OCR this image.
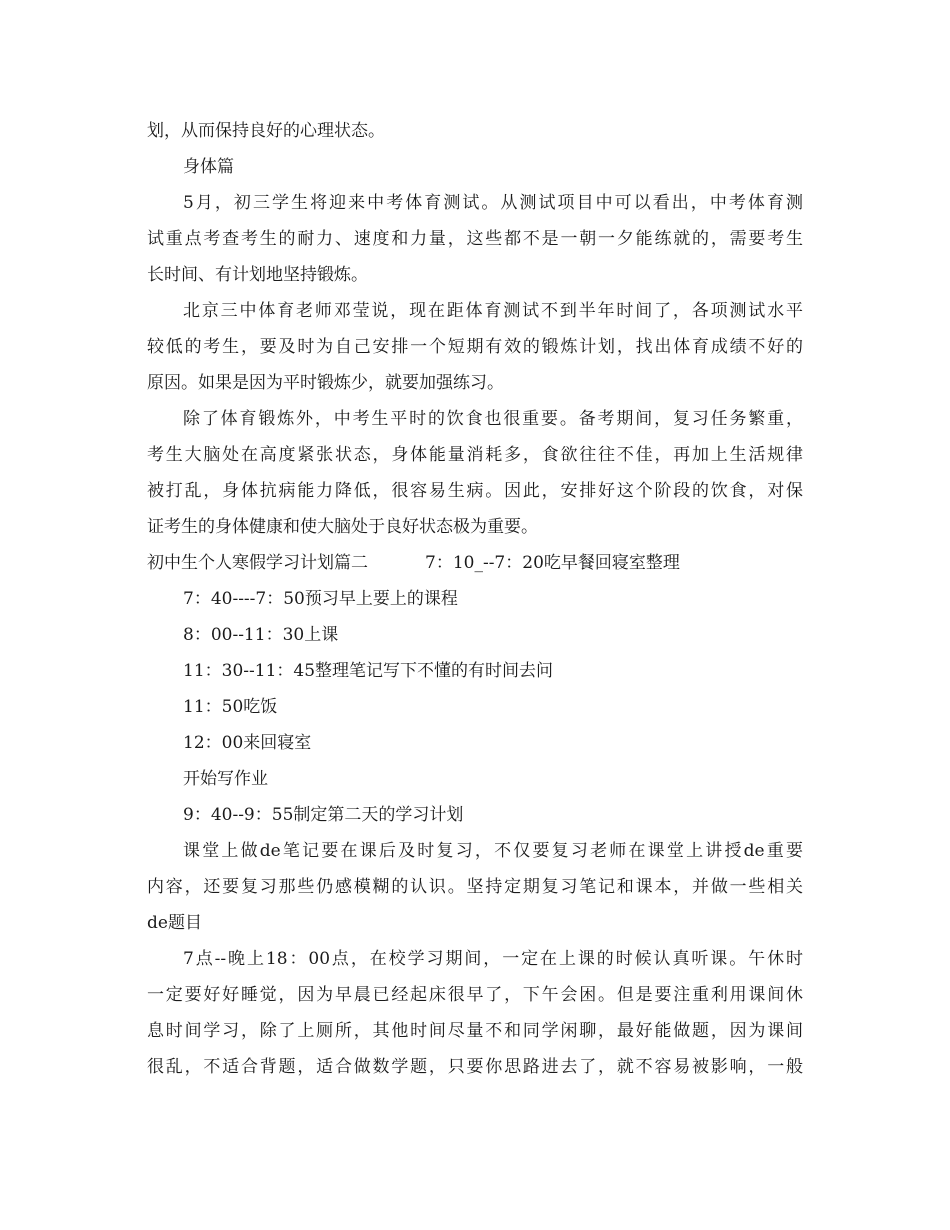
划，从而保持良好的心理状态。
身体篇
5月，初三学生将迎来中考体育测试。从测试项目中可以看出，中考体育测
试重点考查考生的耐力、速度和力量，这些都不是一朝一夕能练就的，需要考生
长时间、有计划地坚持锻炼。
北京三中体育老师邓莹说，现在距体育测试不到半年时间了，各项测试水平
较低的考生，要及时为自己安排一个短期有效的锻炼计划，找出体育成绩不好的
原因。如果是因为平时锻炼少，就要加强练习。
除了体育锻炼外，中考生平时的饮食也很重要。备考期间，复习任务繁重，
考生大脑处在高度紧张状态，身体能量消耗多，食欲往往不佳，再加上生活规律
被打乱，身体抗病能力降低，很容易生病。因此，安排好这个阶段的饮食，对保
证考生的身体健康和使大脑处于良好状态极为重要。
初中生个人寒假学习计划篇二	7：10_--7：20吃早餐回寝室整理
7：40----7：50预习早上要上的课程
8：00--11：30上课
11：30--11：45整理笔记写下不懂的有时间去问
11：50吃饭
12：00来回寝室
开始写作业
9：40--9：55制定第二天的学习计划
课堂上做de笔记要在课后及时复习，不仅要复习老师在课堂上讲授de重要
内容，还要复习那些仍感模糊的认识。坚持定期复习笔记和课本，并做一些相关
de题目
7点--晚上18：00点，在校学习期间，一定在上课的时候认真听课。午休时
一定要好好睡觉，因为早晨已经起床很早了，下午会困。但是要注重利用课间休
息时间学习，除了上厕所，其他时间尽量不和同学闲聊，最好能做题，因为课间
很乱，不适合背题，适合做数学题，只要你思路进去了，就不容易被影响，一般
